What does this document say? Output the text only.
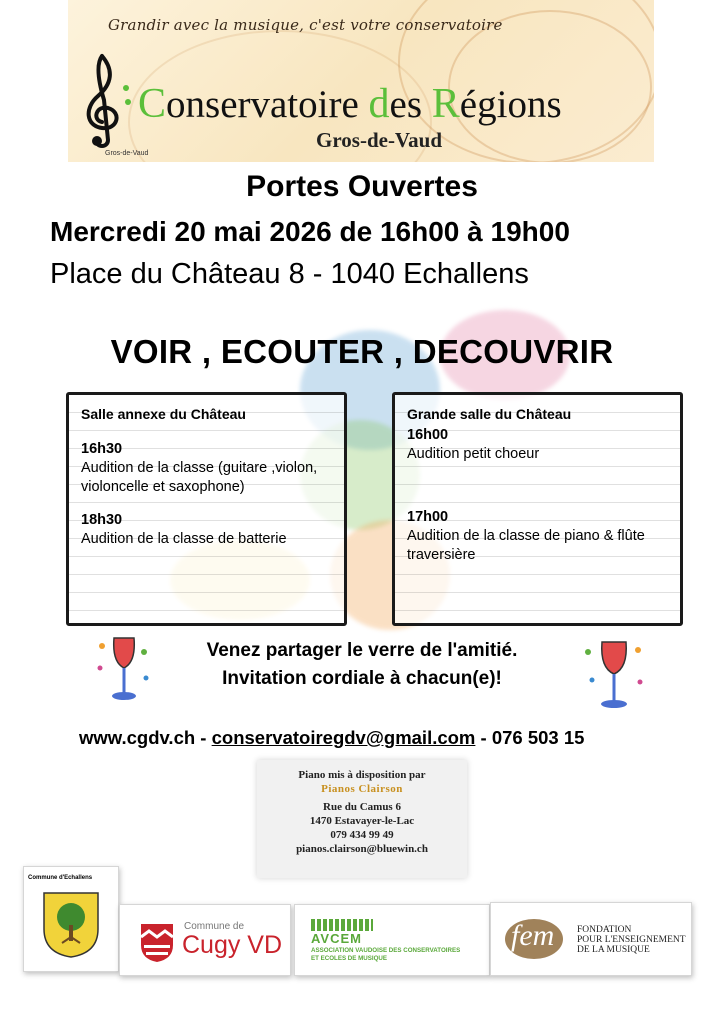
Grandir avec la musique, c'est votre conservatoire
Conservatoire des Régions
Gros-de-Vaud
Gros-de-Vaud
Portes Ouvertes
Mercredi 20 mai 2026 de 16h00 à 19h00
Place du Château 8 - 1040 Echallens
VOIR , ECOUTER , DECOUVRIR
Salle annexe du Château
16h30
Audition de la classe (guitare ,violon, violoncelle et saxophone)
18h30
Audition de la classe de batterie
Grande salle du Château
16h00
Audition petit choeur
17h00
Audition de la classe de piano & flûte traversière
Venez partager le verre de l'amitié.
Invitation cordiale à chacun(e)!
www.cgdv.ch - conservatoiregdv@gmail.com - 076 503 15
Piano mis à disposition par
Pianos Clairson
Rue du Camus 6
1470 Estavayer-le-Lac
079 434 99 49
pianos.clairson@bluewin.ch
Commune d'Echallens
Commune de
Cugy VD AVCEM
ASSOCIATION VAUDOISE DES CONSERVATOIRES
ET ECOLES DE MUSIQUE
fem FONDATION
POUR L'ENSEIGNEMENT
DE LA MUSIQUE
